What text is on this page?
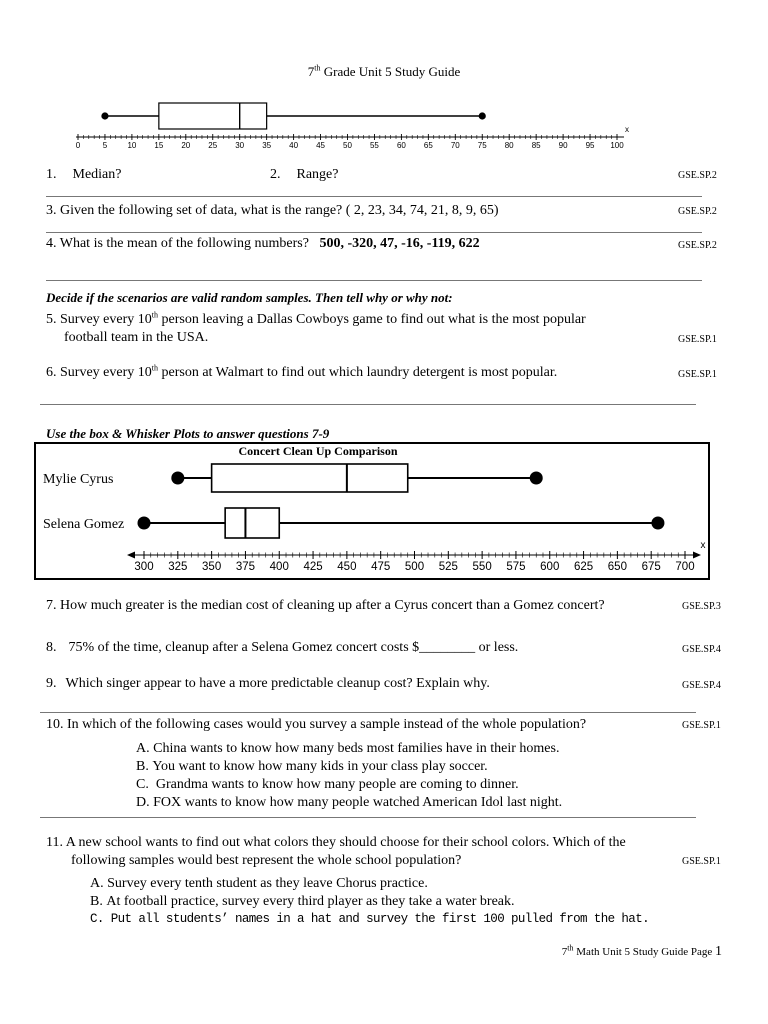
7th Grade Unit 5 Study Guide
0	5	10 15 20 25 30 35 40 45 50 55 60 65 70 75 80 85 90 95 100
x
1. Median?	2. Range?	GSE.SP.2
3. Given the following set of data, what is the range? ( 2, 23, 34, 74, 21, 8, 9, 65)	GSE.SP.2
4. What is the mean of the following numbers? 500, -320, 47, -16, -119, 622	GSE.SP.2
Decide if the scenarios are valid random samples. Then tell why or why not:
5. Survey every 10th person leaving a Dallas Cowboys game to find out what is the most popular
football team in the USA.	GSE.SP.1
6. Survey every 10th person at Walmart to find out which laundry detergent is most popular.	GSE.SP.1
Use the box & Whisker Plots to answer questions 7-9
Concert Clean Up Comparison
300 325 350 375 400 425 450 475 500 525 550 575 600 625 650 675 700
x
Mylie Cyrus
Selena Gomez
7. How much greater is the median cost of cleaning up after a Cyrus concert than a Gomez concert?	GSE.SP.3
8. 75% of the time, cleanup after a Selena Gomez concert costs $________ or less.	GSE.SP.4
9. Which singer appear to have a more predictable cleanup cost? Explain why.	GSE.SP.4
10. In which of the following cases would you survey a sample instead of the whole population?	GSE.SP.1
A. China wants to know how many beds most families have in their homes.
B. You want to know how many kids in your class play soccer.
C.  Grandma wants to know how many people are coming to dinner.
D. FOX wants to know how many people watched American Idol last night.
11. A new school wants to find out what colors they should choose for their school colors. Which of the
following samples would best represent the whole school population?	GSE.SP.1
A. Survey every tenth student as they leave Chorus practice.
B. At football practice, survey every third player as they take a water break.
C. Put all students’ names in a hat and survey the first 100 pulled from the hat.
7th Math Unit 5 Study Guide Page 1
